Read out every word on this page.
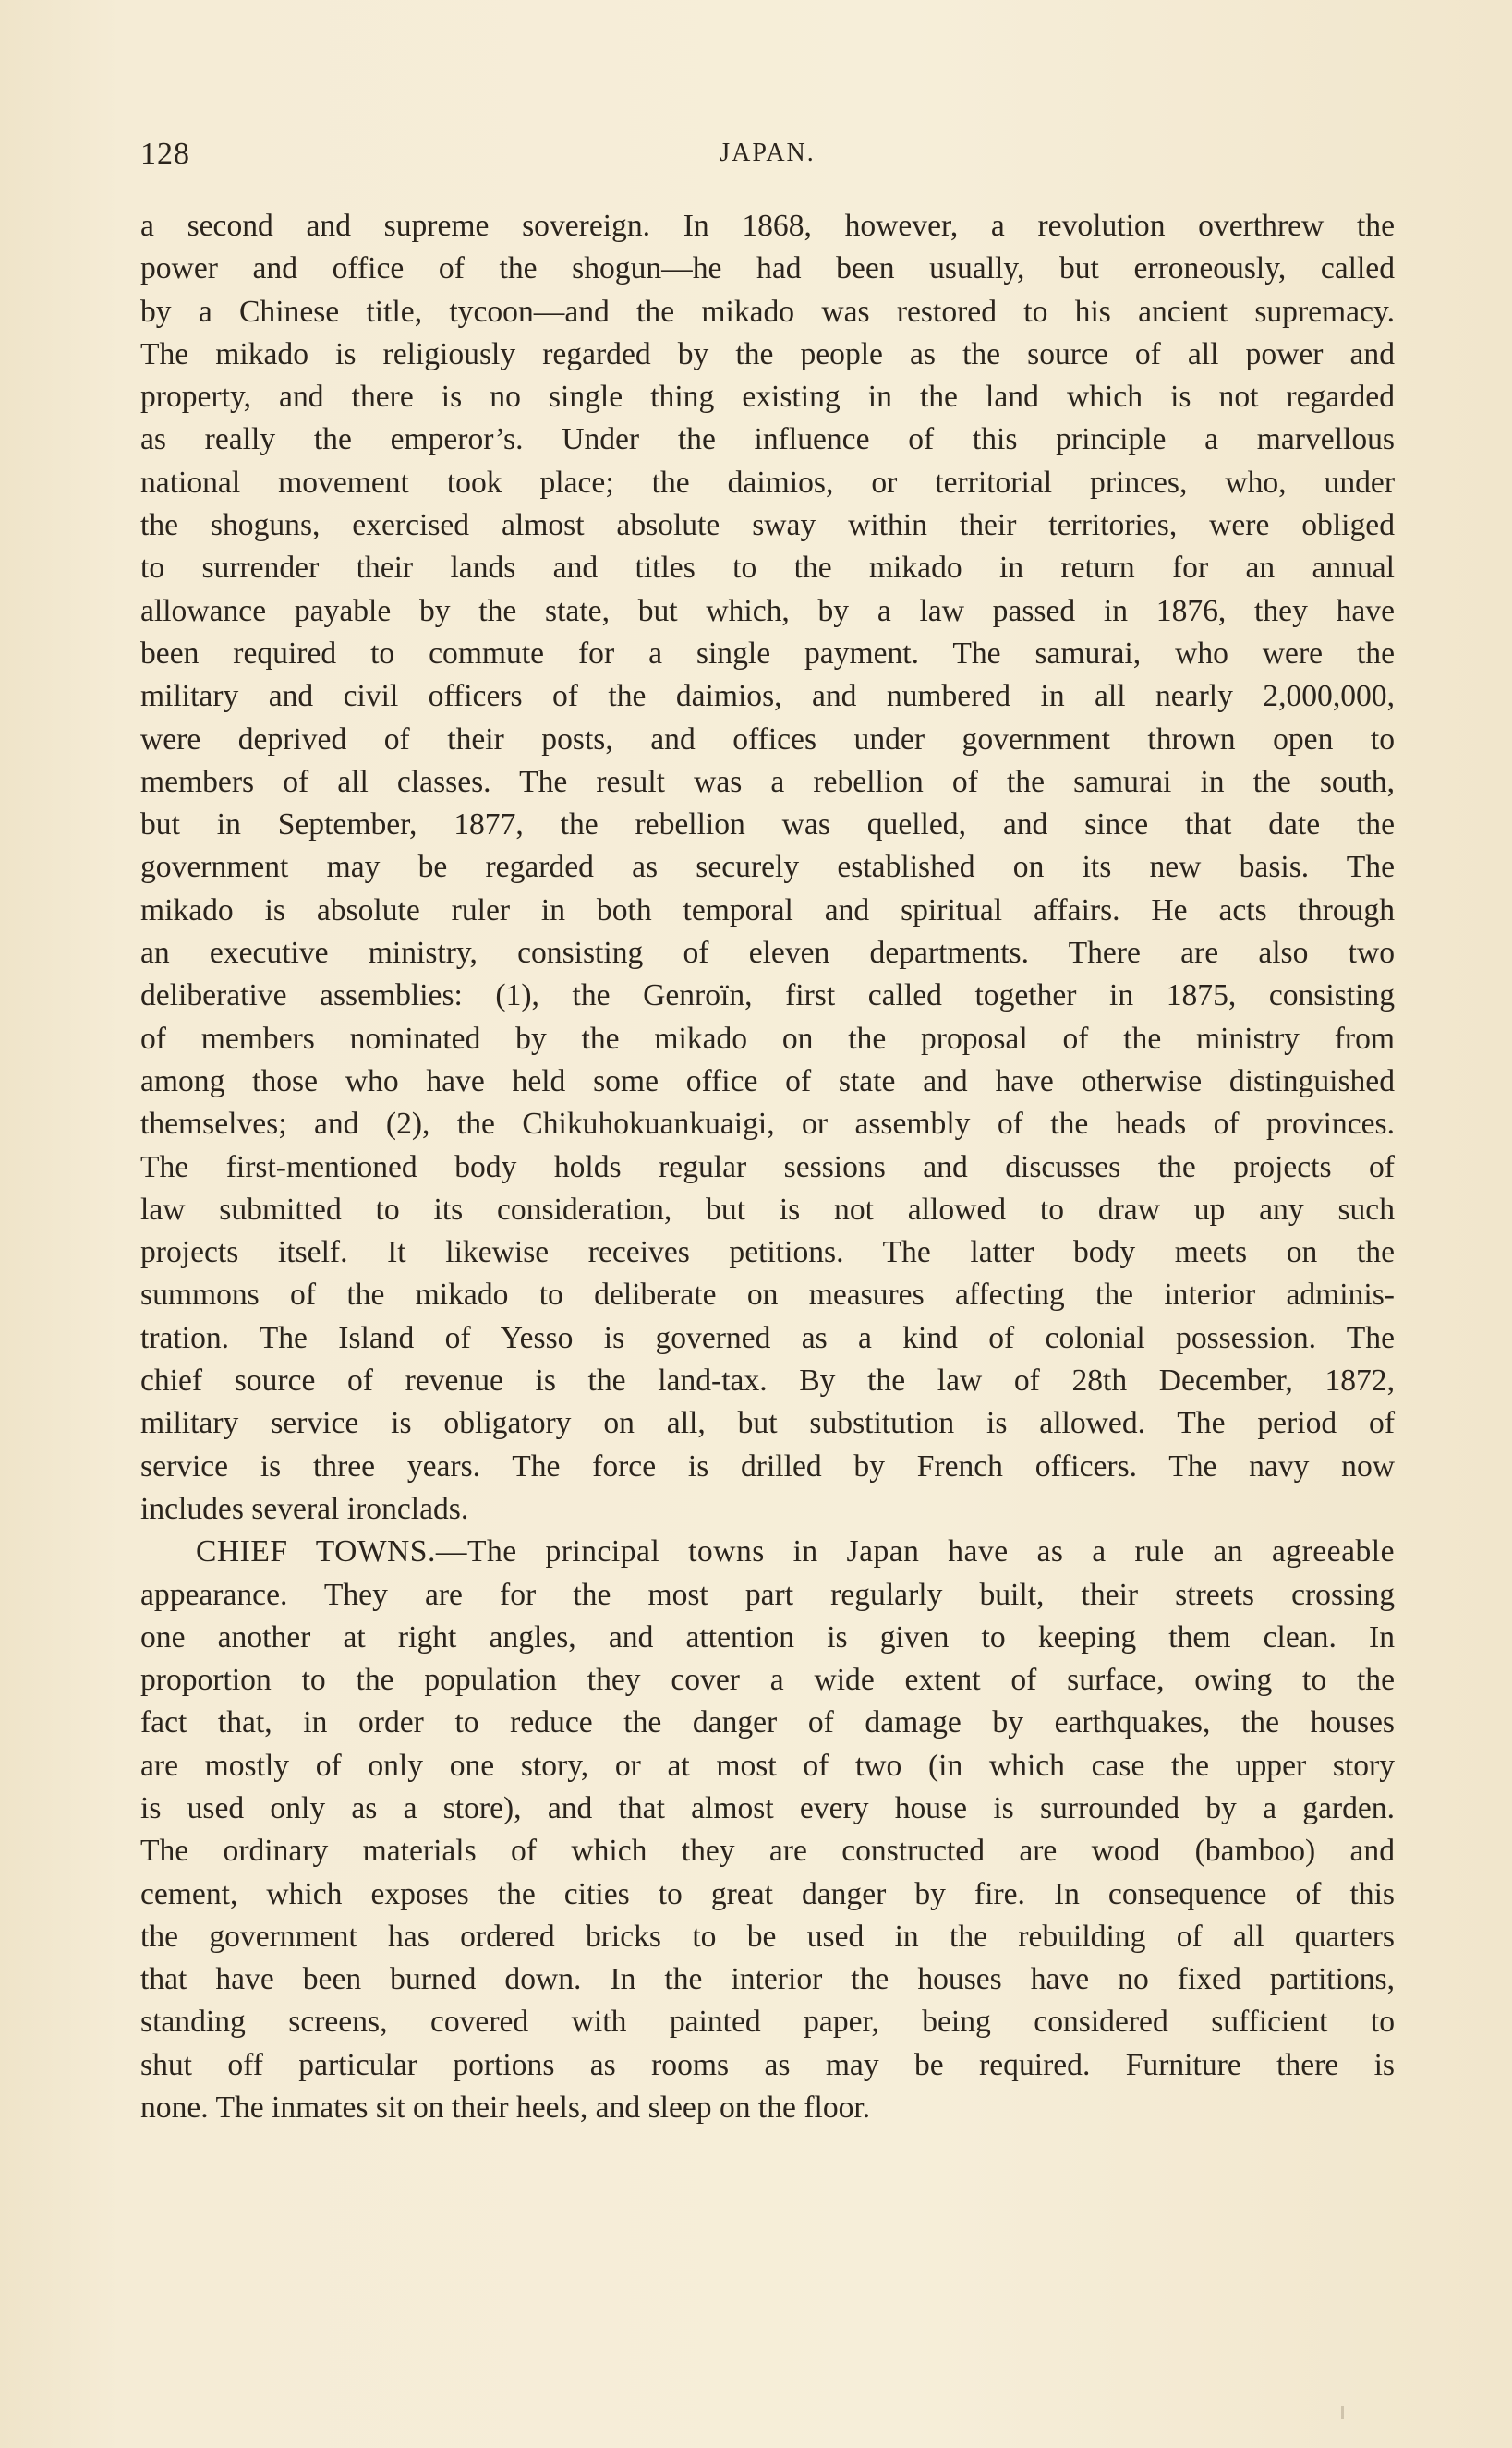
128	JAPAN.
a second and supreme sovereign. In 1868, however, a revolution overthrew the
power and office of the shogun—he had been usually, but erroneously, called
by a Chinese title, tycoon—and the mikado was restored to his ancient supremacy.
The mikado is religiously regarded by the people as the source of all power and
property, and there is no single thing existing in the land which is not regarded
as really the emperor’s. Under the influence of this principle a marvellous
national movement took place; the daimios, or territorial princes, who, under
the shoguns, exercised almost absolute sway within their territories, were obliged
to surrender their lands and titles to the mikado in return for an annual
allowance payable by the state, but which, by a law passed in 1876, they have
been required to commute for a single payment. The samurai, who were the
military and civil officers of the daimios, and numbered in all nearly 2,000,000,
were deprived of their posts, and offices under government thrown open to
members of all classes. The result was a rebellion of the samurai in the south,
but in September, 1877, the rebellion was quelled, and since that date the
government may be regarded as securely established on its new basis. The
mikado is absolute ruler in both temporal and spiritual affairs. He acts through
an executive ministry, consisting of eleven departments. There are also two
deliberative assemblies: (1), the Genroïn, first called together in 1875, consisting
of members nominated by the mikado on the proposal of the ministry from
among those who have held some office of state and have otherwise distinguished
themselves; and (2), the Chikuhokuankuaigi, or assembly of the heads of provinces.
The first-mentioned body holds regular sessions and discusses the projects of
law submitted to its consideration, but is not allowed to draw up any such
projects itself. It likewise receives petitions. The latter body meets on the
summons of the mikado to deliberate on measures affecting the interior adminis-
tration. The Island of Yesso is governed as a kind of colonial possession. The
chief source of revenue is the land-tax. By the law of 28th December, 1872,
military service is obligatory on all, but substitution is allowed. The period of
service is three years. The force is drilled by French officers. The navy now
includes several ironclads.
CHIEF TOWNS.—The principal towns in Japan have as a rule an agreeable
appearance. They are for the most part regularly built, their streets crossing
one another at right angles, and attention is given to keeping them clean. In
proportion to the population they cover a wide extent of surface, owing to the
fact that, in order to reduce the danger of damage by earthquakes, the houses
are mostly of only one story, or at most of two (in which case the upper story
is used only as a store), and that almost every house is surrounded by a garden.
The ordinary materials of which they are constructed are wood (bamboo) and
cement, which exposes the cities to great danger by fire. In consequence of this
the government has ordered bricks to be used in the rebuilding of all quarters
that have been burned down. In the interior the houses have no fixed partitions,
standing screens, covered with painted paper, being considered sufficient to
shut off particular portions as rooms as may be required. Furniture there is
none. The inmates sit on their heels, and sleep on the floor.
